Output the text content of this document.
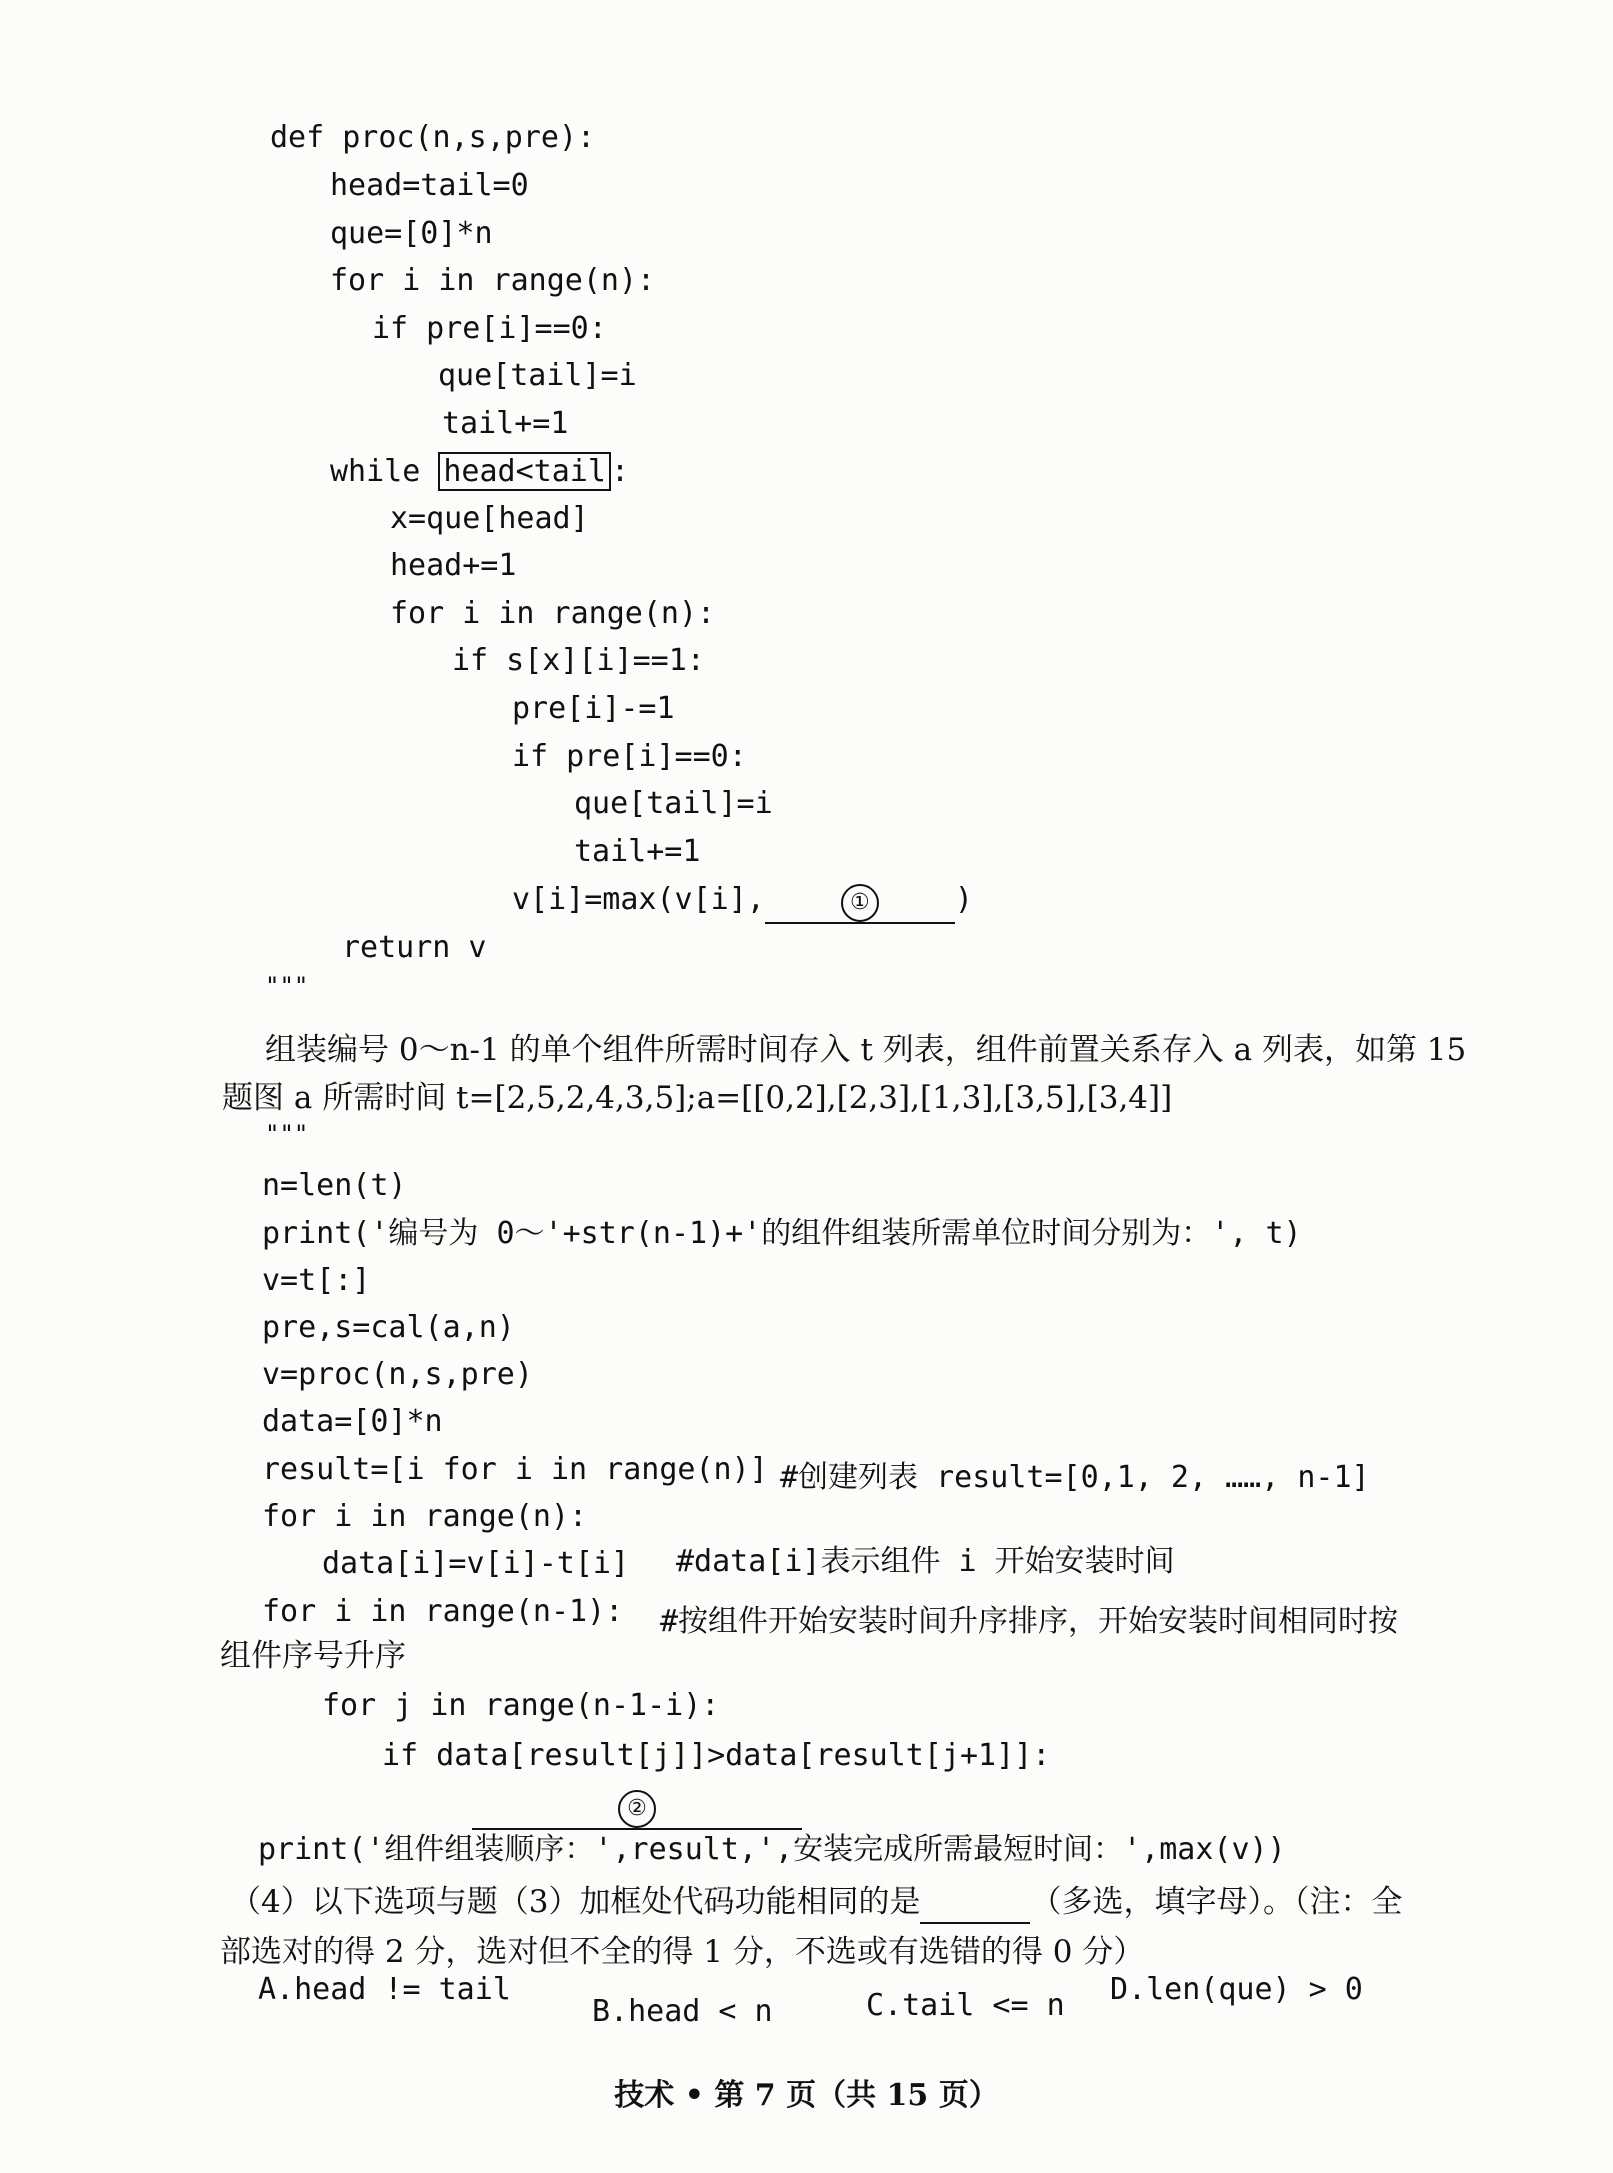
def proc(n,s,pre):
head=tail=0
que=[0]*n
for i in range(n):
if pre[i]==0:
que[tail]=i
tail+=1
while head<tail :
x=que[head]
head+=1
for i in range(n):
if s[x][i]==1:
pre[i]-=1
if pre[i]==0:
que[tail]=i
tail+=1
v[i]=max(v[i],	①	)
return v
"""
组装编号 0～n-1 的单个组件所需时间存入 t 列表，组件前置关系存入 a 列表，如第 15
题图 a 所需时间 t=[2,5,2,4,3,5];a=[[0,2],[2,3],[1,3],[3,5],[3,4]]
"""
n=len(t)
print('编号为 0～'+str(n-1)+'的组件组装所需单位时间分别为：', t)
v=t[:]
pre,s=cal(a,n)
v=proc(n,s,pre)
data=[0]*n
result=[i for i in range(n)] #创建列表 result=[0,1, 2, ……, n-1]
for i in range(n):
data[i]=v[i]-t[i] #data[i]表示组件 i 开始安装时间
for i in range(n-1): #按组件开始安装时间升序排序，开始安装时间相同时按
组件序号升序
for j in range(n-1-i):
if data[result[j]]>data[result[j+1]]:
②
print('组件组装顺序：',result,',安装完成所需最短时间：',max(v))
（4）以下选项与题（3）加框处代码功能相同的是	（多选，填字母）。（注：全
部选对的得 2 分，选对但不全的得 1 分，不选或有选错的得 0 分）
A.head != tail
B.head < n	C.tail <= n D.len(que) > 0
技术 • 第 7 页（共 15 页）
